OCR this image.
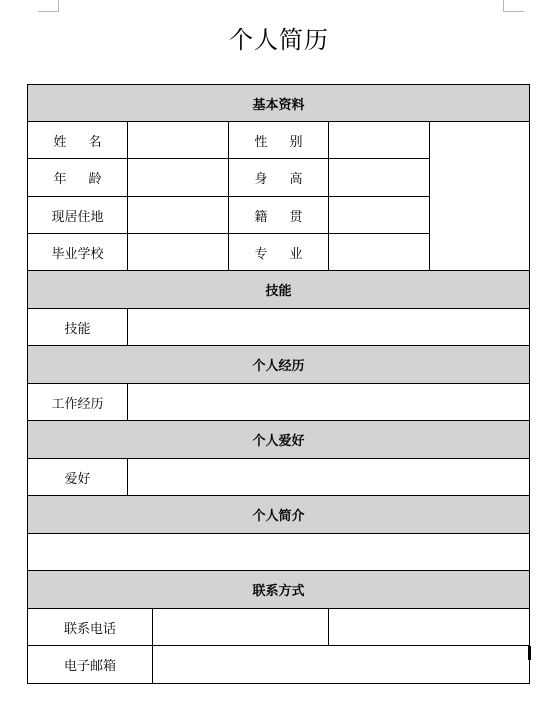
个人简历
基本资料					
姓名			性别		
年龄			身高		
现居住地			籍贯		
毕业学校			专业		
技能					
技能					
个人经历					
工作经历					
个人爱好					
爱好					
个人简介					

联系方式					
联系电话					
电子邮箱					
